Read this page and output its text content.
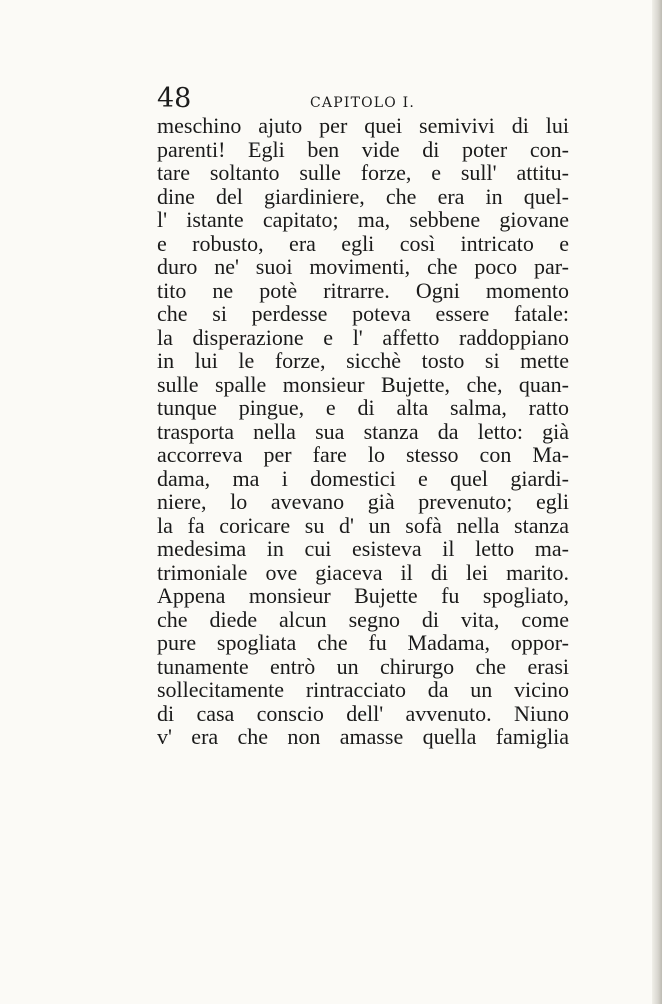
48	CAPITOLO I.
meschino ajuto per quei semivivi di lui
parenti! Egli ben vide di poter con-
tare soltanto sulle forze, e sull' attitu-
dine del giardiniere, che era in quel-
l' istante capitato; ma, sebbene giovane
e robusto, era egli così intricato e
duro ne' suoi movimenti, che poco par-
tito ne potè ritrarre. Ogni momento
che si perdesse poteva essere fatale:
la disperazione e l' affetto raddoppiano
in lui le forze, sicchè tosto si mette
sulle spalle monsieur Bujette, che, quan-
tunque pingue, e di alta salma, ratto
trasporta nella sua stanza da letto: già
accorreva per fare lo stesso con Ma-
dama, ma i domestici e quel giardi-
niere, lo avevano già prevenuto; egli
la fa coricare su d' un sofà nella stanza
medesima in cui esisteva il letto ma-
trimoniale ove giaceva il di lei marito.
Appena monsieur Bujette fu spogliato,
che diede alcun segno di vita, come
pure spogliata che fu Madama, oppor-
tunamente entrò un chirurgo che erasi
sollecitamente rintracciato da un vicino
di casa conscio dell' avvenuto. Niuno
v' era che non amasse quella famiglia
